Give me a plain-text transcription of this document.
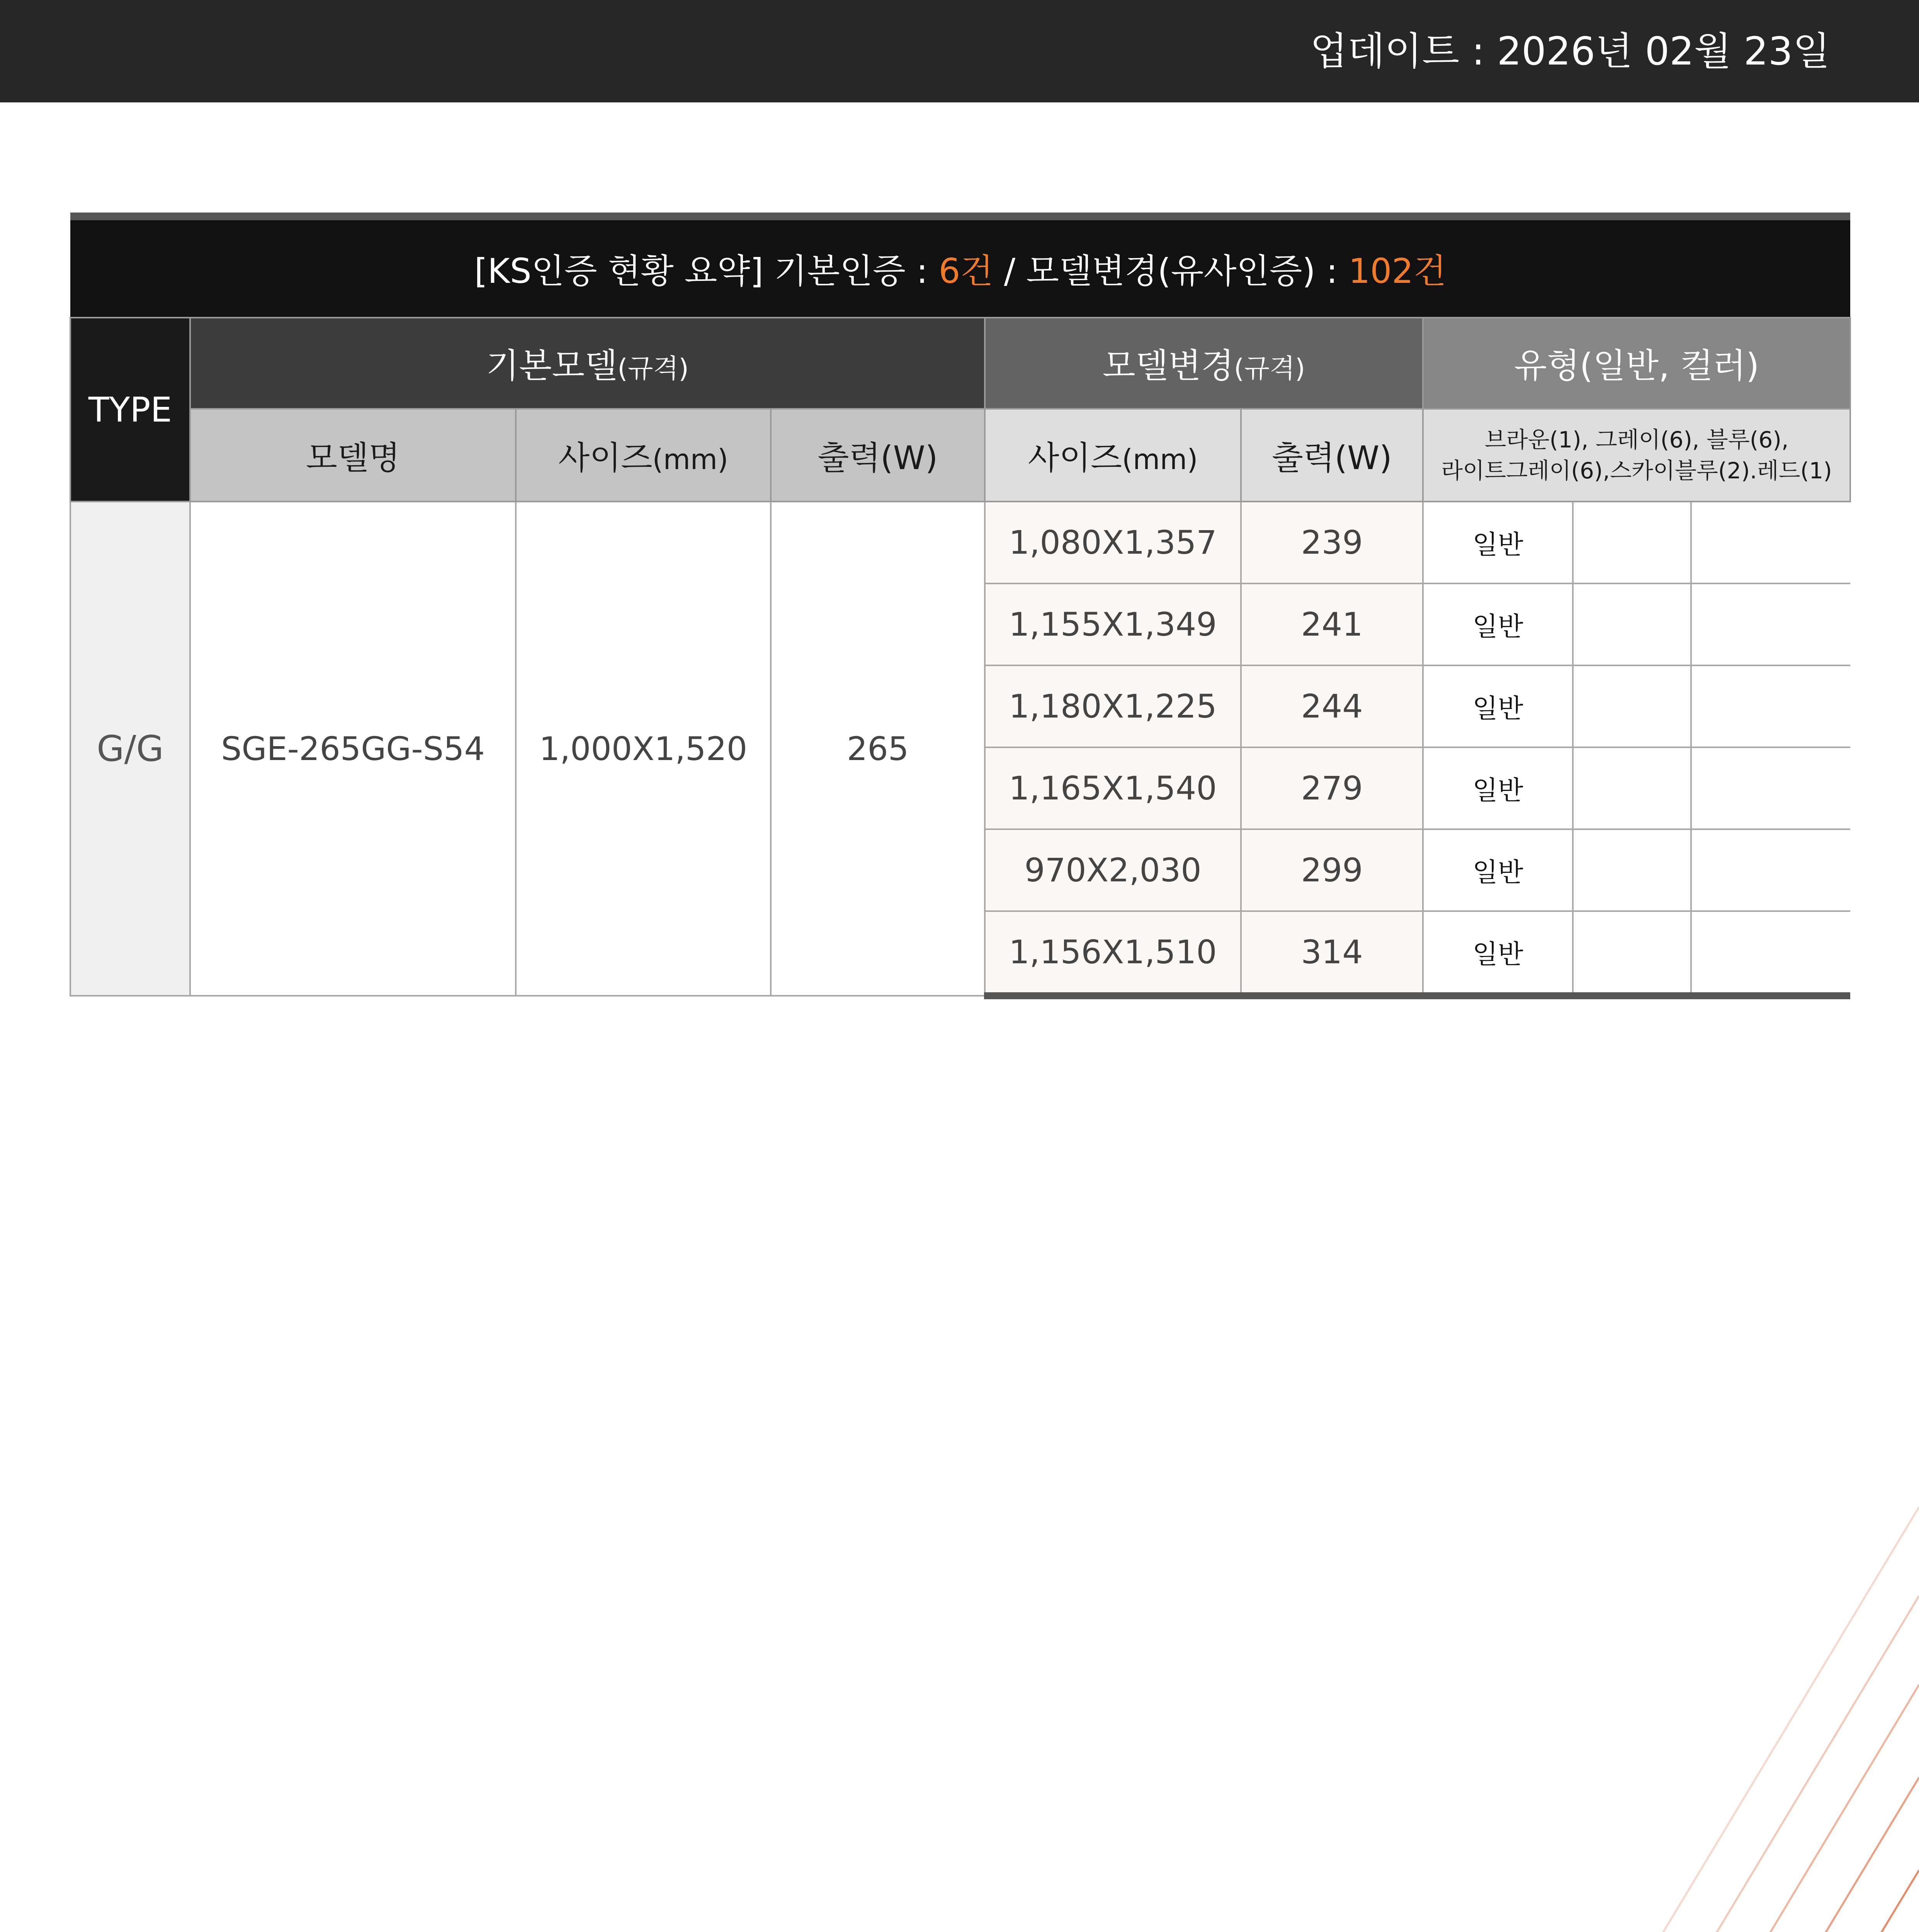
업데이트 : 2026년 02월 23일
[KS인증 현황 요약] 기본인증 : 6건 / 모델변경(유사인증) : 102건								
TYPE	기본모델(규격)			모델변경(규격)		유형(일반, 컬러)		
	모델명	사이즈(mm)	출력(W)	사이즈(mm)	출력(W)	브라운(1), 그레이(6), 블루(6),
라이트그레이(6),스카이블루(2).레드(1)		
G/G	SGE-265GG-S54	1,000X1,520	265	1,080X1,357	239	일반		
				1,155X1,349	241	일반		
				1,180X1,225	244	일반		
				1,165X1,540	279	일반		
				970X2,030	299	일반		
				1,156X1,510	314	일반		
